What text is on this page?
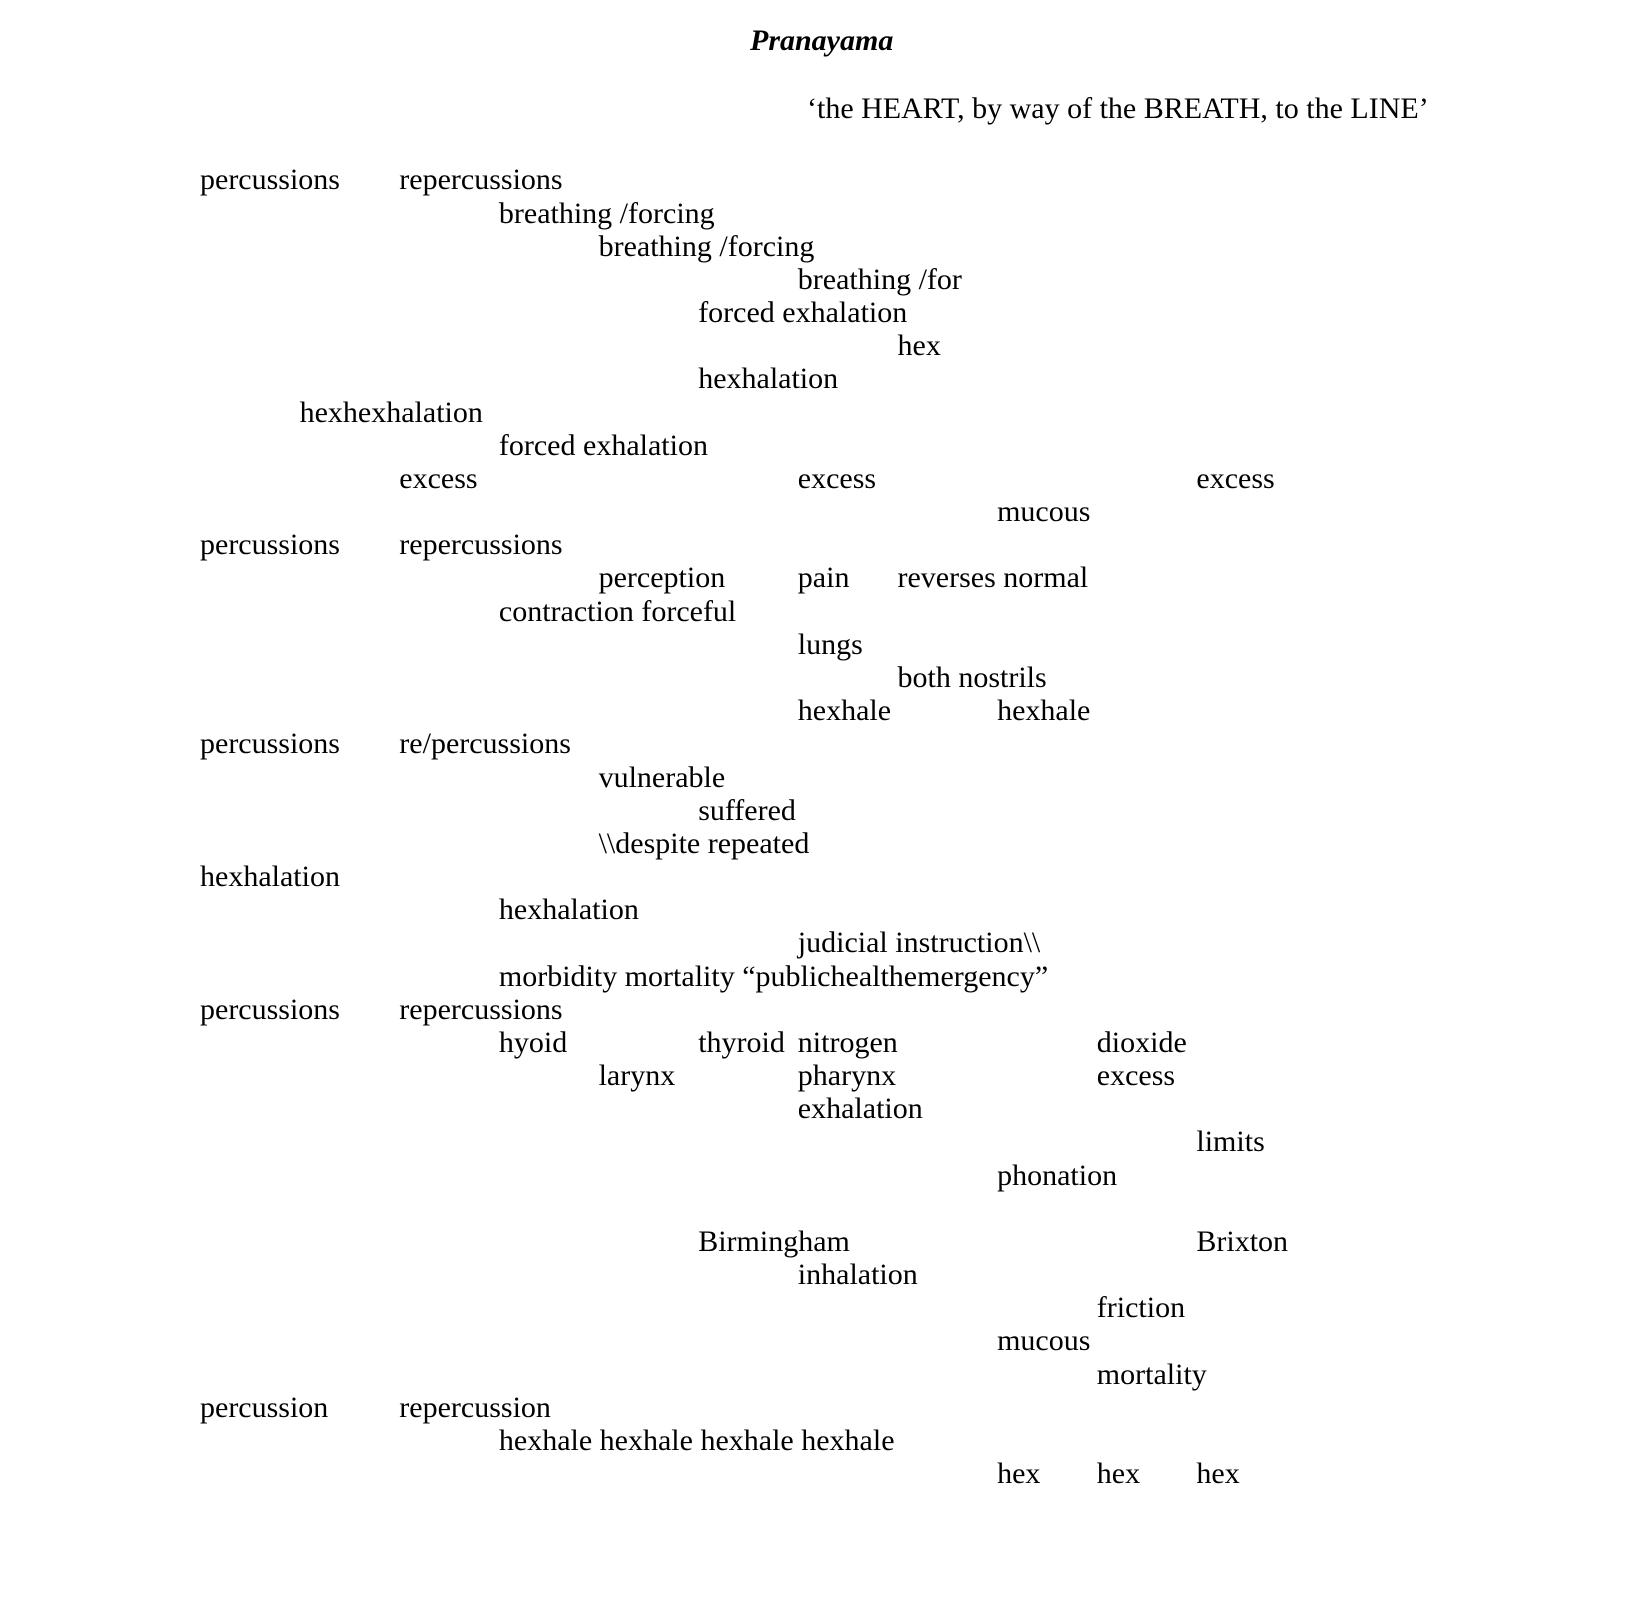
Pranayama
‘the HEART, by way of the BREATH, to the LINE’
percussions repercussions
breathing /forcing
breathing /forcing
breathing /for
forced exhalation
hex
hexhalation
hexhexhalation
forced exhalation
excess	excess	excess
mucous
percussions repercussions
perception pain reverses normal
contraction forceful
lungs
both nostrils
hexhale	hexhale
percussions re/percussions
vulnerable
suffered
\\despite repeated
hexhalation
hexhalation
judicial instruction\\
morbidity mortality “publichealthemergency”
percussions repercussions
hyoid	thyroid nitrogen	dioxide
larynx	pharynx	excess
exhalation
limits
phonation
Birmingham	Brixton
inhalation
friction
mucous
mortality
percussion repercussion
hexhale hexhale hexhale hexhale
hex hex hex
